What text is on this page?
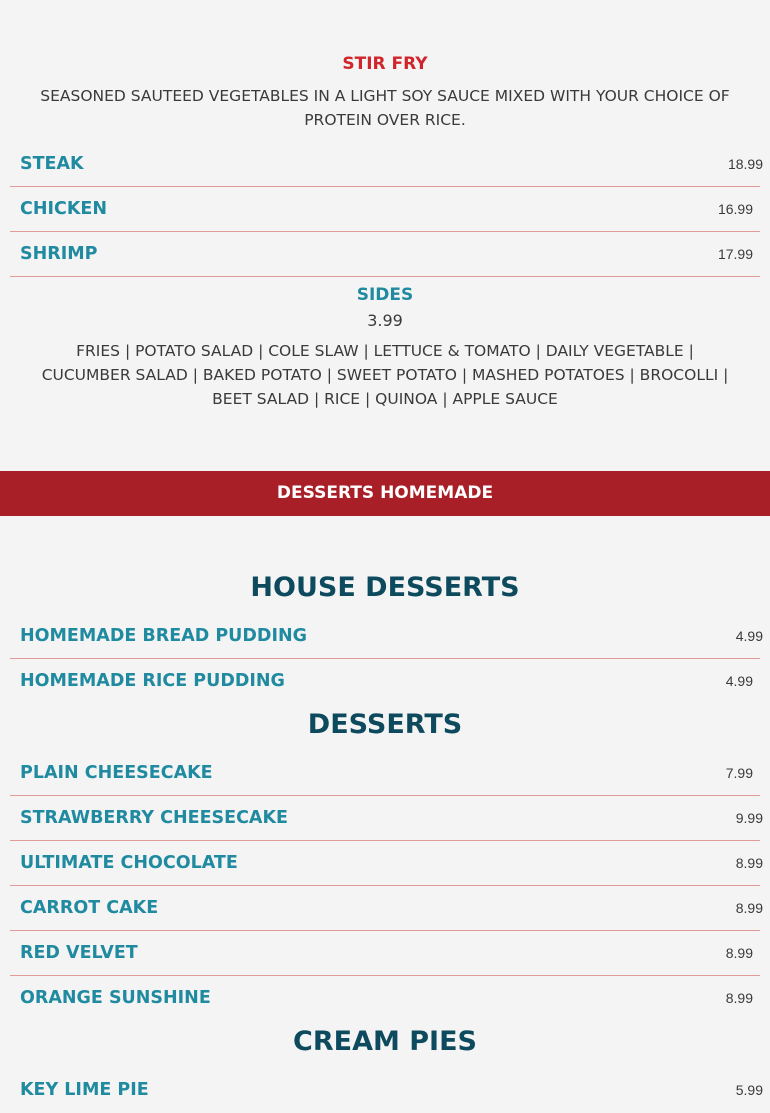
STIR FRY
SEASONED SAUTEED VEGETABLES IN A LIGHT SOY SAUCE MIXED WITH YOUR CHOICE OF PROTEIN OVER RICE.
STEAK	18.99
CHICKEN	16.99
SHRIMP	17.99
SIDES
3.99
FRIES | POTATO SALAD | COLE SLAW | LETTUCE & TOMATO | DAILY VEGETABLE | CUCUMBER SALAD | BAKED POTATO | SWEET POTATO | MASHED POTATOES | BROCOLLI | BEET SALAD | RICE | QUINOA | APPLE SAUCE
DESSERTS HOMEMADE
HOUSE DESSERTS
HOMEMADE BREAD PUDDING	4.99
HOMEMADE RICE PUDDING	4.99
DESSERTS
PLAIN CHEESECAKE	7.99
STRAWBERRY CHEESECAKE	9.99
ULTIMATE CHOCOLATE	8.99
CARROT CAKE	8.99
RED VELVET	8.99
ORANGE SUNSHINE	8.99
CREAM PIES
KEY LIME PIE	5.99
